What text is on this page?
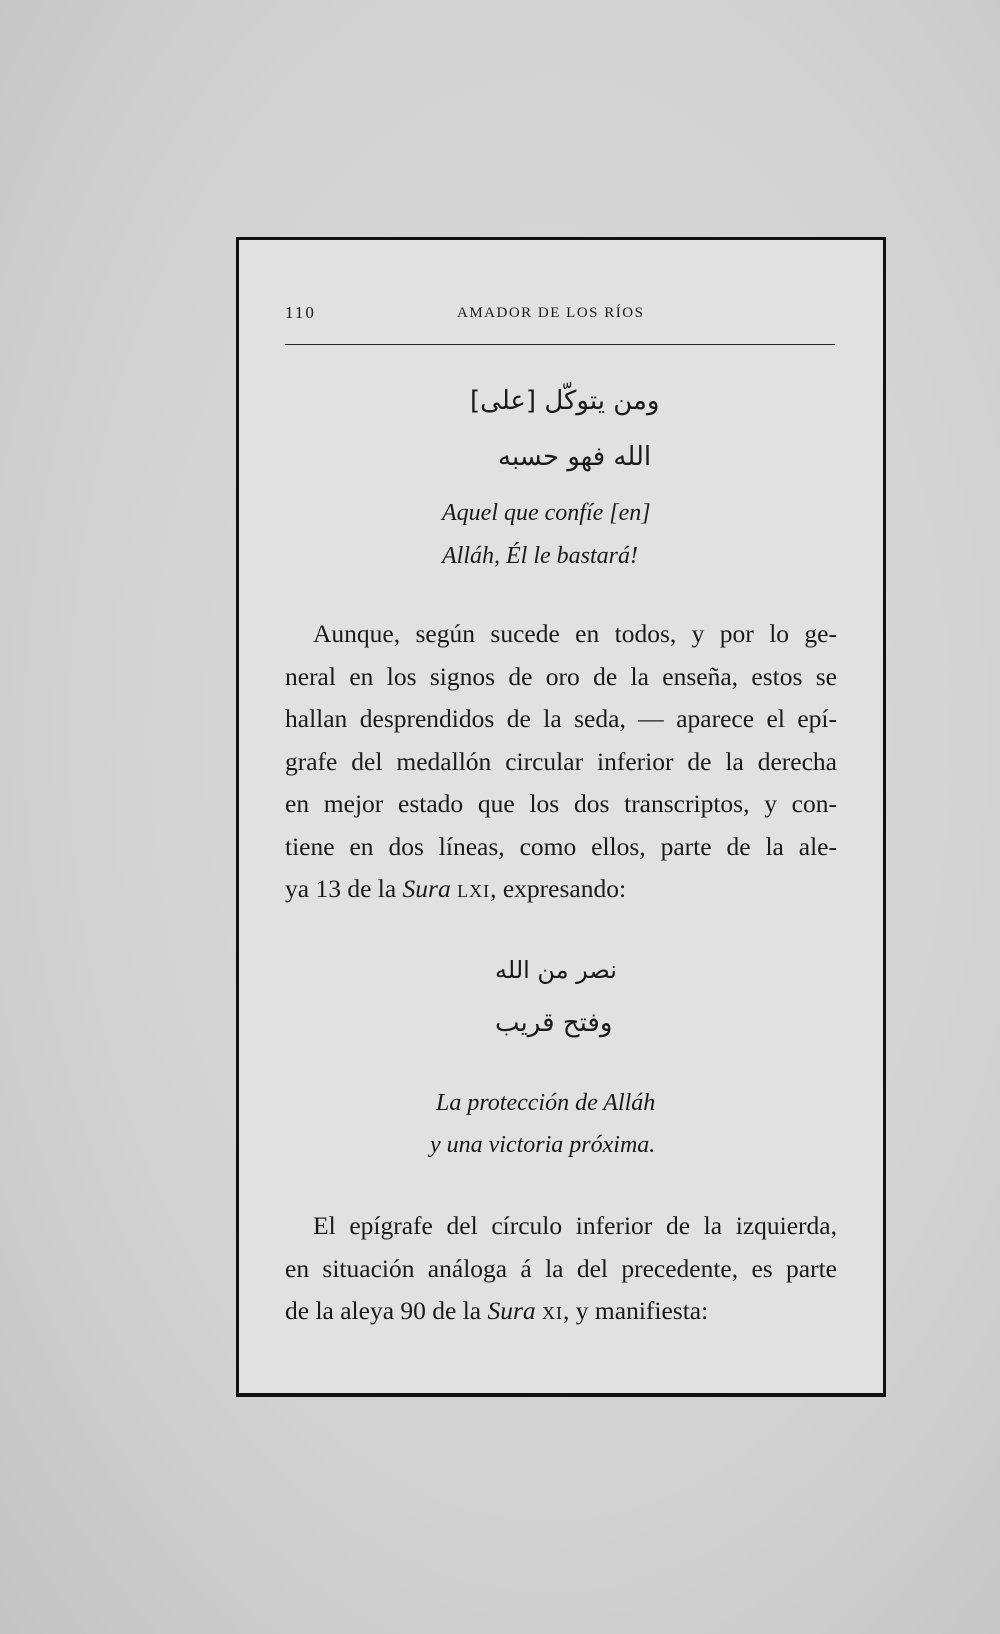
110	AMADOR DE LOS RÍOS
ومن يتوكّل [على]
الله فهو حسبه
Aquel que confíe [en]
Alláh, Él le bastará!
Aunque, según sucede en todos, y por lo ge-
neral en los signos de oro de la enseña, estos se
hallan desprendidos de la seda, — aparece el epí-
grafe del medallón circular inferior de la derecha
en mejor estado que los dos transcriptos, y con-
tiene en dos líneas, como ellos, parte de la ale-
ya 13 de la Sura LXI, expresando:
نصر من الله
وفتح قريب
La protección de Alláh
y una victoria próxima.
El epígrafe del círculo inferior de la izquierda,
en situación análoga á la del precedente, es parte
de la aleya 90 de la Sura XI, y manifiesta:
